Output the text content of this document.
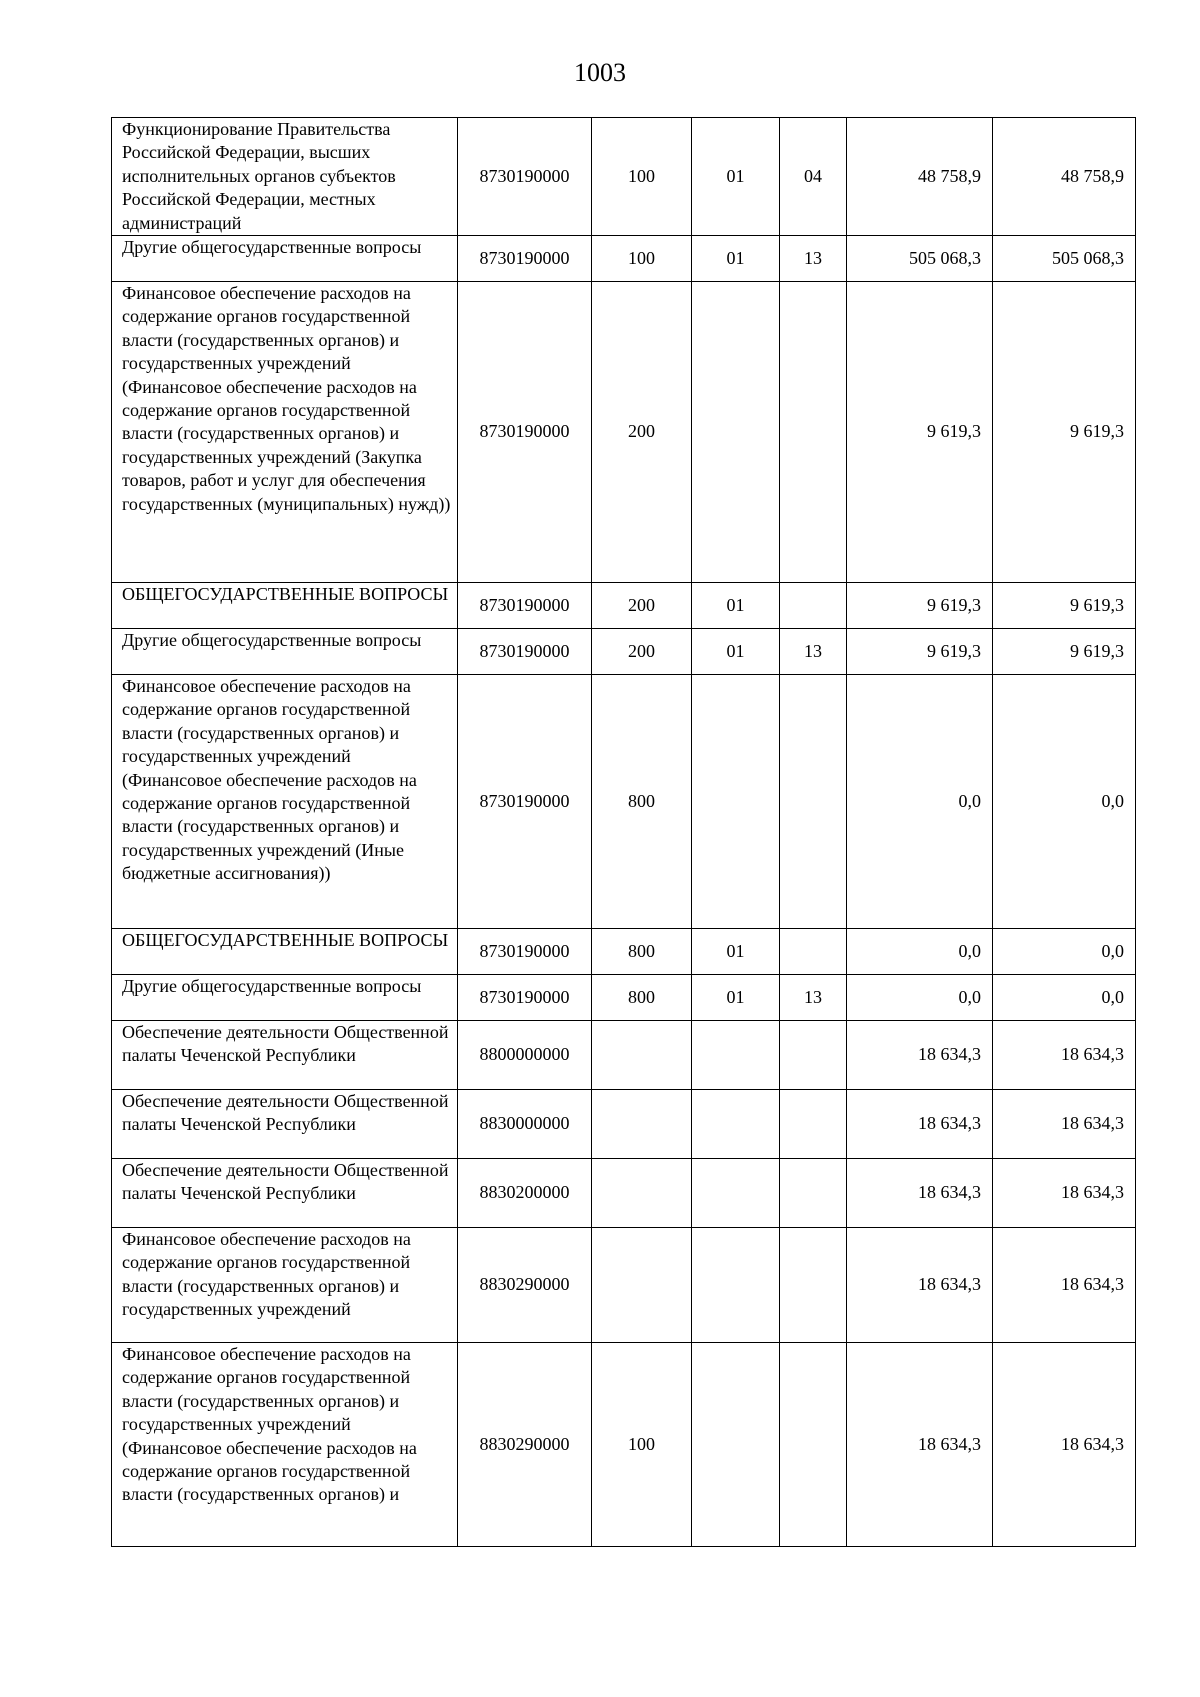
1003
Функционирование Правительства Российской Федерации, высших исполнительных органов субъектов Российской Федерации, местных администраций	8730190000	100	01	04	48 758,9	48 758,9
Другие общегосударственные вопросы	8730190000	100	01	13	505 068,3	505 068,3
Финансовое обеспечение расходов на содержание органов государственной власти (государственных органов) и государственных учреждений (Финансовое обеспечение расходов на содержание органов государственной власти (государственных органов) и государственных учреждений (Закупка товаров, работ и услуг для обеспечения государственных (муниципальных) нужд))	8730190000	200			9 619,3	9 619,3
ОБЩЕГОСУДАРСТВЕННЫЕ ВОПРОСЫ	8730190000	200	01		9 619,3	9 619,3
Другие общегосударственные вопросы	8730190000	200	01	13	9 619,3	9 619,3
Финансовое обеспечение расходов на содержание органов государственной власти (государственных органов) и государственных учреждений (Финансовое обеспечение расходов на содержание органов государственной власти (государственных органов) и государственных учреждений (Иные бюджетные ассигнования))	8730190000	800			0,0	0,0
ОБЩЕГОСУДАРСТВЕННЫЕ ВОПРОСЫ	8730190000	800	01		0,0	0,0
Другие общегосударственные вопросы	8730190000	800	01	13	0,0	0,0
Обеспечение деятельности Общественной палаты Чеченской Республики	8800000000				18 634,3	18 634,3
Обеспечение деятельности Общественной палаты Чеченской Республики	8830000000				18 634,3	18 634,3
Обеспечение деятельности Общественной палаты Чеченской Республики	8830200000				18 634,3	18 634,3
Финансовое обеспечение расходов на содержание органов государственной власти (государственных органов) и государственных учреждений	8830290000				18 634,3	18 634,3
Финансовое обеспечение расходов на содержание органов государственной власти (государственных органов) и государственных учреждений (Финансовое обеспечение расходов на содержание органов государственной власти (государственных органов) и	8830290000	100			18 634,3	18 634,3
